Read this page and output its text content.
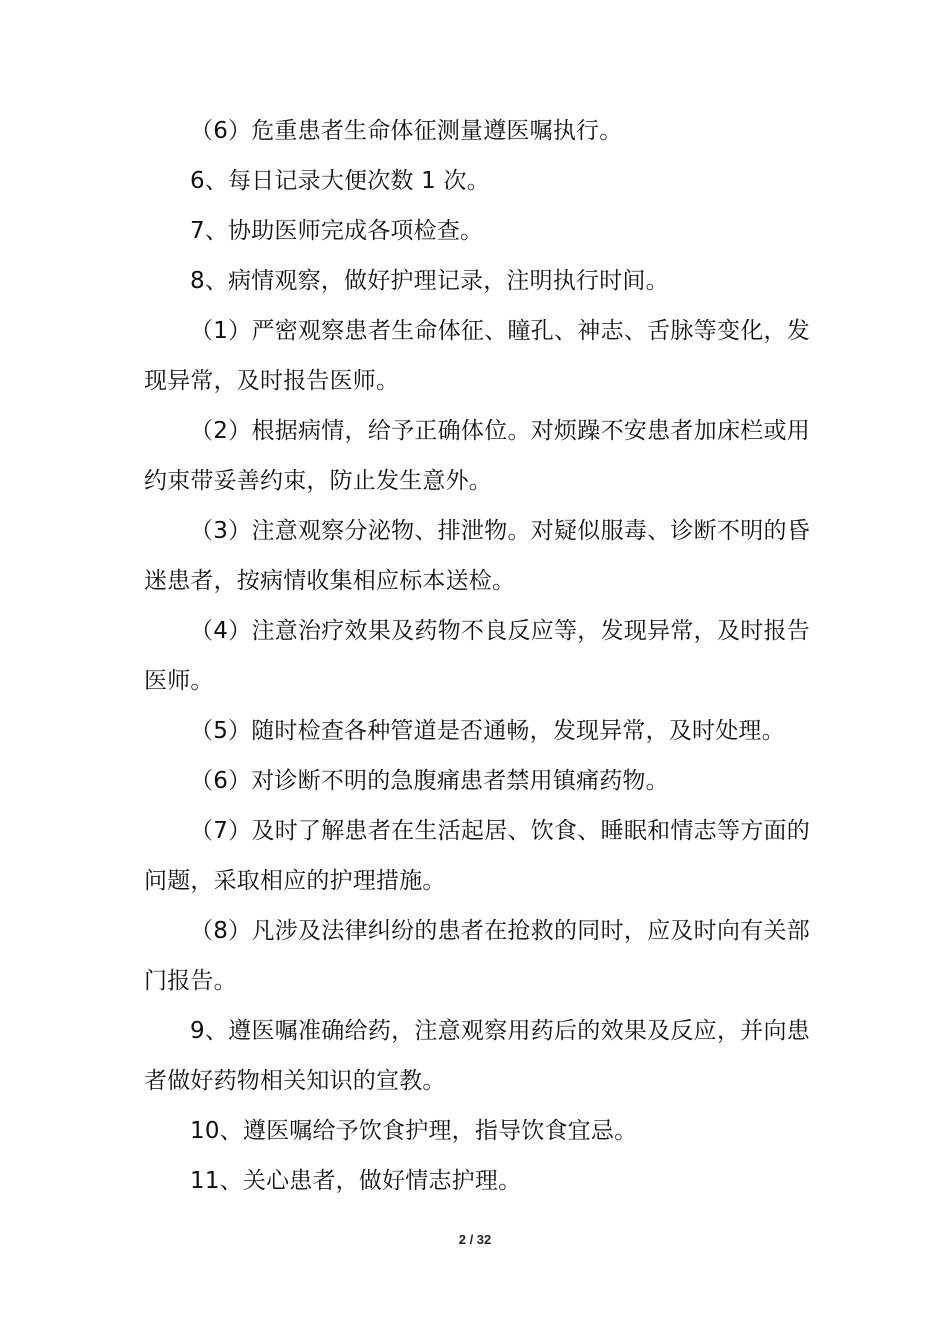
（6）危重患者生命体征测量遵医嘱执行。

6、每日记录大便次数 1 次。

7、协助医师完成各项检查。

8、病情观察，做好护理记录，注明执行时间。

（1）严密观察患者生命体征、瞳孔、神志、舌脉等变化，发现异常，及时报告医师。

（2）根据病情，给予正确体位。对烦躁不安患者加床栏或用约束带妥善约束，防止发生意外。

（3）注意观察分泌物、排泄物。对疑似服毒、诊断不明的昏迷患者，按病情收集相应标本送检。

（4）注意治疗效果及药物不良反应等，发现异常，及时报告医师。

（5）随时检查各种管道是否通畅，发现异常，及时处理。

（6）对诊断不明的急腹痛患者禁用镇痛药物。

（7）及时了解患者在生活起居、饮食、睡眠和情志等方面的问题，采取相应的护理措施。

（8）凡涉及法律纠纷的患者在抢救的同时，应及时向有关部门报告。

9、遵医嘱准确给药，注意观察用药后的效果及反应，并向患者做好药物相关知识的宣教。

10、遵医嘱给予饮食护理，指导饮食宜忌。

11、关心患者，做好情志护理。

2 / 32
